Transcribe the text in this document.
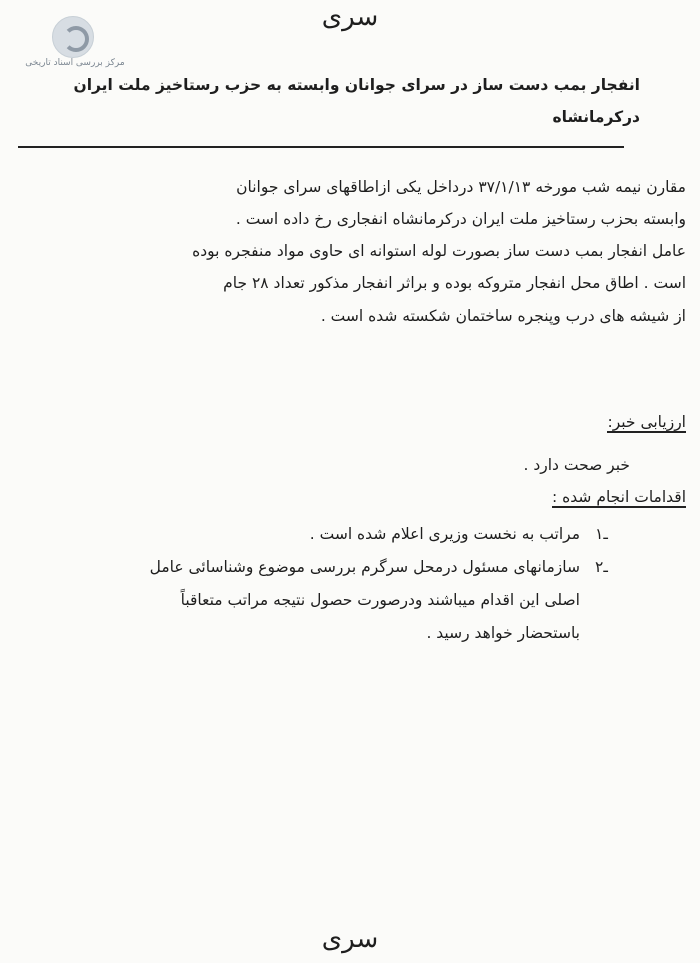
مرکز بررسی اسناد تاریخی
سری
انفجار بمب دست ساز در سرای جوانان وابسته به حزب رستاخیز ملت ایران
درکرمانشاه
مقارن نیمه شب مورخه ۳۷/۱/۱۳ درداخل یکی ازاطاقهای سرای جوانان
وابسته بحزب رستاخیز ملت ایران درکرمانشاه انفجاری رخ داده است .
عامل انفجار بمب دست ساز بصورت لوله استوانه ای حاوی مواد منفجره بوده
است . اطاق محل انفجار متروکه بوده و براثر انفجار مذکور تعداد ۲۸ جام
از شیشه های درب وپنجره ساختمان شکسته شده است .
ارزیابی خبر:
خبر صحت دارد .
اقدامات انجام شده :
۱ـ
مراتب به نخست وزیری اعلام شده است .
۲ـ
سازمانهای مسئول درمحل سرگرم بررسی موضوع وشناسائی عامل
اصلی این اقدام میباشند ودرصورت حصول نتیجه مراتب متعاقباً
باستحضار خواهد رسید .
سری
